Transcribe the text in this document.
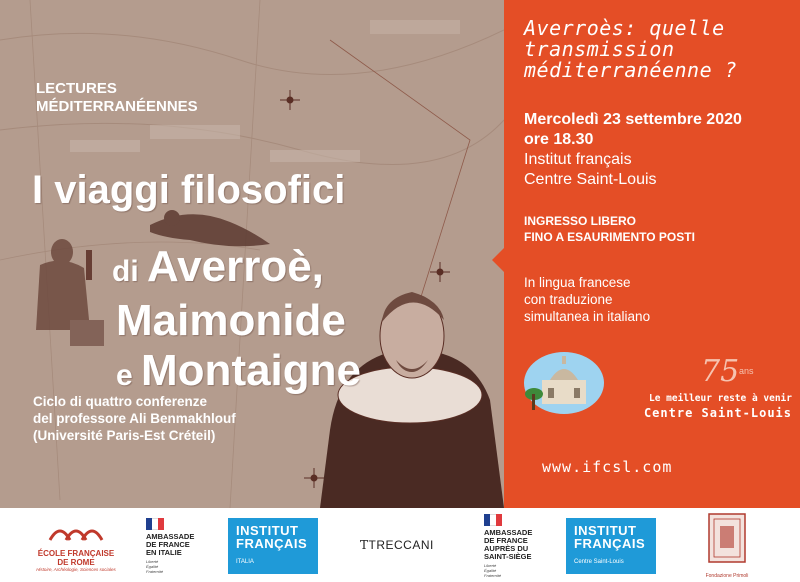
LECTURES
MÉDITERRANÉENNES
I viaggi filosofici
di Averroè,
Maimonide
e Montaigne
Ciclo di quattro conferenze
del professore Ali Benmakhlouf
(Université Paris-Est Créteil)
Averroès: quelle
transmission
méditerranéenne ?
Mercoledì 23 settembre 2020
ore 18.30
Institut français
Centre Saint-Louis
INGRESSO LIBERO
FINO A ESAURIMENTO POSTI
In lingua francese
con traduzione
simultanea in italiano
75 ans
Le meilleur reste à venir
Centre Saint-Louis
www.ifcsl.com
ÉCOLE FRANÇAISE
DE ROME
Histoire, Archéologie, Sciences sociales
AMBASSADE
DE FRANCE
EN ITALIE
Liberté
Égalité
Fraternité
INSTITUT
FRANÇAIS
ITALIA
TTRECCANI
AMBASSADE
DE FRANCE
AUPRÈS DU
SAINT-SIÈGE
Liberté
Égalité
Fraternité
INSTITUT
FRANÇAIS
Centre Saint-Louis
Fondazione Primoli
